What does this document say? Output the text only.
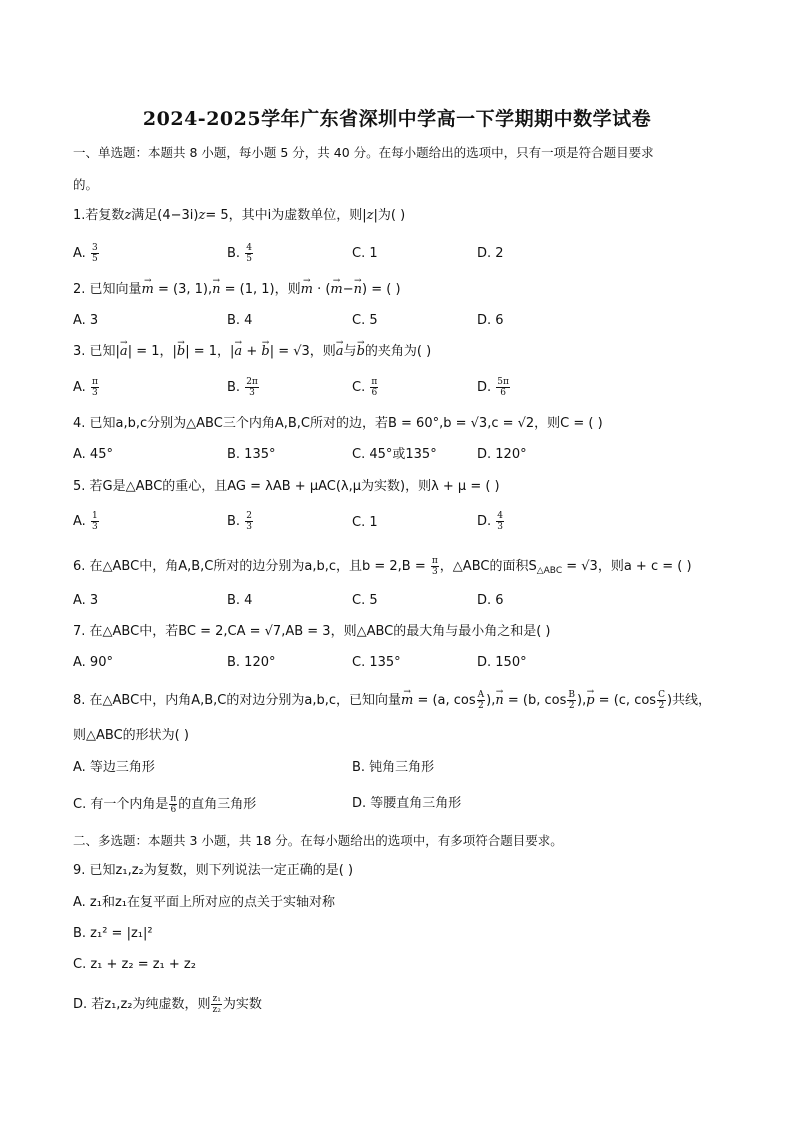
2024-2025学年广东省深圳中学高一下学期期中数学试卷
一、单选题：本题共 8 小题，每小题 5 分，共 40 分。在每小题给出的选项中，只有一项是符合题目要求
的。
1.若复数z满足(4−3i)z= 5，其中i为虚数单位，则|z|为( )
A. $\frac{3}{5}$	B. $\frac{4}{5}$	C. 1	D. 2
2. 已知向量→ m = (3, 1),→ n = (1, 1)，则→ m · (→ m−→ n) = ( )
A. 3	B. 4	C. 5	D. 6
3. 已知|→ a| = 1，|→ b| = 1，|→ a + → b| = √3，则→ a与→ b的夹角为( )
A. $\frac{\pi}{3}$	B. $\frac{2\pi}{3}$	C. $\frac{\pi}{6}$	D. $\frac{5\pi}{6}$
4. 已知a,b,c分别为△ABC三个内角A,B,C所对的边，若B = 60°,b = √3,c = √2，则C = ( )
A. 45°	B. 135°	C. 45°或135°	D. 120°
5. 若G是△ABC的重心，且AG = λAB + μAC(λ,μ为实数)，则λ + μ = ( )
A. $\frac{1}{3}$	B. $\frac{2}{3}$	C. 1	D. $\frac{4}{3}$
6. 在△ABC中，角A,B,C所对的边分别为a,b,c，且$b = 2,B = \frac{\pi}{3}$ ，△ABC的面积$S_{\triangle ABC} = √3$，则a + c = ( )
A. 3	B. 4	C. 5	D. 6
7. 在△ABC中，若BC = 2,CA = √7,AB = 3，则△ABC的最大角与最小角之和是( )
A. 90°	B. 120°	C. 135°	D. 150°
8. 在△ABC中，内角A,B,C的对边分别为a,b,c，已知向量→ m = (a, $\cos \frac{A}{2}$ ),→ n = (b, $\cos \frac{B}{2}$ ),→ p = (c, $\cos \frac{C}{2}$ )共线，
则△ABC的形状为( )
A. 等边三角形	B. 钝角三角形
C. 有一个内角是 $\frac{\pi}{6}$ 的直角三角形	D. 等腰直角三角形
二、多选题：本题共 3 小题，共 18 分。在每小题给出的选项中，有多项符合题目要求。
9. 已知z₁,z₂为复数，则下列说法一定正确的是( )
A. z₁和z₁在复平面上所对应的点关于实轴对称
B. z₁² = |z₁|²
C. z₁ + z₂ = z₁ + z₂
D. 若z₁,z₂为纯虚数，则 $\frac{\text{z₁}}{\text{z₂}}$ 为实数
